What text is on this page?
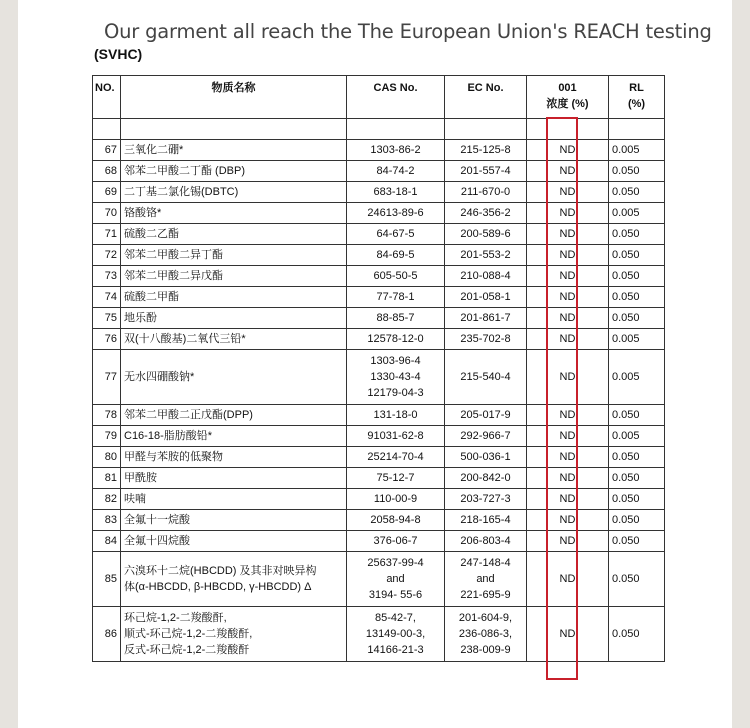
Our garment all reach the The European Union's REACH testing
(SVHC)
NO.	物质名称	CAS No.	EC No.	001
浓度 (%)	RL
(%)

67	三氧化二硼*	1303-86-2	215-125-8	ND	0.005
68	邻苯二甲酸二丁酯 (DBP)	84-74-2	201-557-4	ND	0.050
69	二丁基二氯化锡(DBTC)	683-18-1	211-670-0	ND	0.050
70	铬酸铬*	24613-89-6	246-356-2	ND	0.005
71	硫酸二乙酯	64-67-5	200-589-6	ND	0.050
72	邻苯二甲酸二异丁酯	84-69-5	201-553-2	ND	0.050
73	邻苯二甲酸二异戊酯	605-50-5	210-088-4	ND	0.050
74	硫酸二甲酯	77-78-1	201-058-1	ND	0.050
75	地乐酚	88-85-7	201-861-7	ND	0.050
76	双(十八酸基)二氧代三铅*	12578-12-0	235-702-8	ND	0.005
77	无水四硼酸钠*	1303-96-4
1330-43-4
12179-04-3	215-540-4	ND	0.005
78	邻苯二甲酸二正戊酯(DPP)	131-18-0	205-017-9	ND	0.050
79	C16-18-脂肪酸铅*	91031-62-8	292-966-7	ND	0.005
80	甲醛与苯胺的低聚物	25214-70-4	500-036-1	ND	0.050
81	甲酰胺	75-12-7	200-842-0	ND	0.050
82	呋喃	110-00-9	203-727-3	ND	0.050
83	全氟十一烷酸	2058-94-8	218-165-4	ND	0.050
84	全氟十四烷酸	376-06-7	206-803-4	ND	0.050
85	六溴环十二烷(HBCDD) 及其非对映异构
体(α-HBCDD, β-HBCDD, γ-HBCDD) Δ	25637-99-4
and
3194- 55-6	247-148-4
and
221-695-9	ND	0.050
86	环己烷-1,2-二羧酸酐,
顺式-环己烷-1,2-二羧酸酐,
反式-环己烷-1,2-二羧酸酐	85-42-7,
13149-00-3,
14166-21-3	201-604-9,
236-086-3,
238-009-9	ND	0.050
